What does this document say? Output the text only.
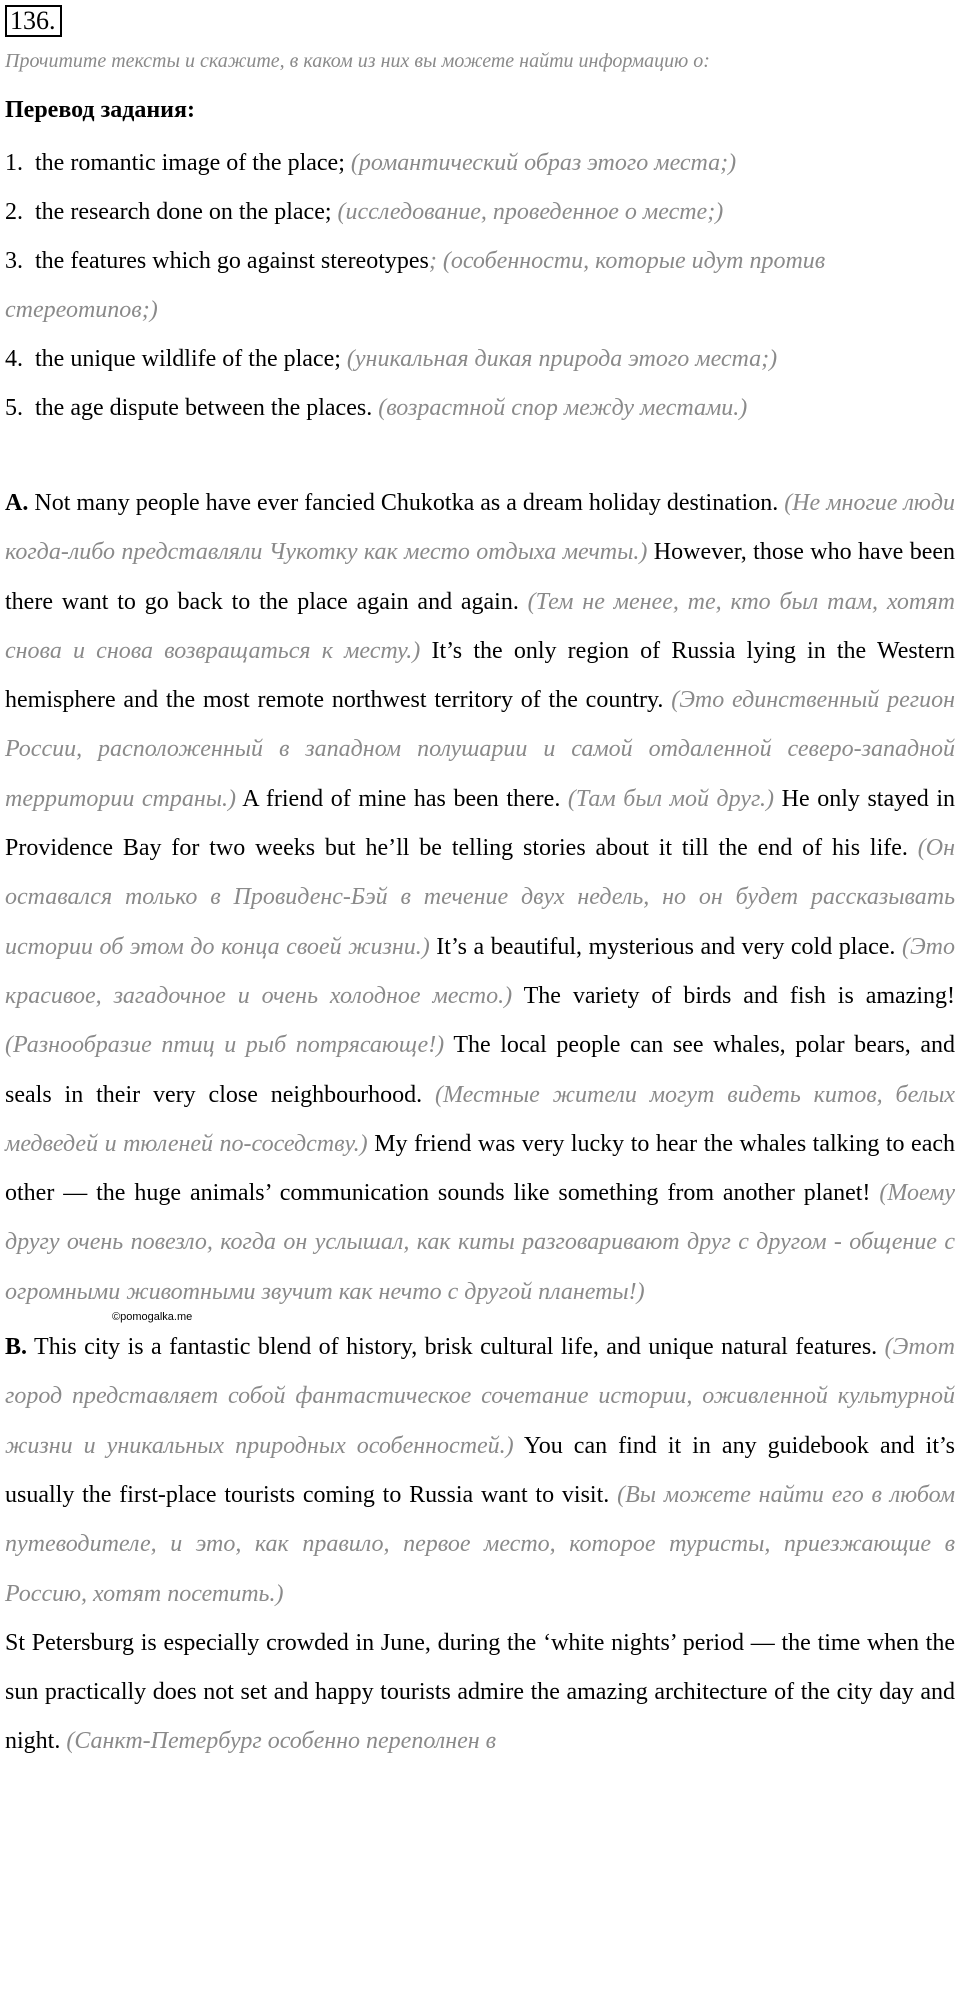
136.
Прочитите тексты и скажите, в каком из них вы можете найти информацию о:
Перевод задания:
1. the romantic image of the place; (романтический образ этого места;)
2. the research done on the place; (исследование, проведенное о месте;)
3. the features which go against stereotypes; (особенности, которые идут против стереотипов;)
4. the unique wildlife of the place; (уникальная дикая природа этого места;)
5. the age dispute between the places. (возрастной спор между местами.)

A. Not many people have ever fancied Chukotka as a dream holiday destination. (Не многие люди когда-либо представляли Чукотку как место отдыха мечты.) However, those who have been there want to go back to the place again and again. (Тем не менее, те, кто был там, хотят снова и снова возвращаться к месту.) It’s the only region of Russia lying in the Western hemisphere and the most remote northwest territory of the country. (Это единственный регион России, расположенный в западном полушарии и самой отдаленной северо-западной территории страны.) A friend of mine has been there. (Там был мой друг.) He only stayed in Providence Bay for two weeks but he’ll be telling stories about it till the end of his life. (Он оставался только в Провиденс-Бэй в течение двух недель, но он будет рассказывать истории об этом до конца своей жизни.) It’s a beautiful, mysterious and very cold place. (Это красивое, загадочное и очень холодное место.) The variety of birds and fish is amazing! (Разнообразие птиц и рыб потрясающе!) The local people can see whales, polar bears, and seals in their very close neighbourhood. (Местные жители могут видеть китов, белых медведей и тюленей по-соседству.) My friend was very lucky to hear the whales talking to each other — the huge animals’ communication sounds like something from another planet! (Моему другу очень повезло, когда он услышал, как киты разговаривают друг с другом - общение с огромными животными звучит как нечто с другой планеты!)

©pomogalka.me

B. This city is a fantastic blend of history, brisk cultural life, and unique natural features. (Этот город представляет собой фантастическое сочетание истории, оживленной культурной жизни и уникальных природных особенностей.) You can find it in any guidebook and it’s usually the first-place tourists coming to Russia want to visit. (Вы можете найти его в любом путеводителе, и это, как правило, первое место, которое туристы, приезжающие в Россию, хотят посетить.)

St Petersburg is especially crowded in June, during the ‘white nights’ period — the time when the sun practically does not set and happy tourists admire the amazing architecture of the city day and night. (Санкт-Петербург особенно переполнен в
